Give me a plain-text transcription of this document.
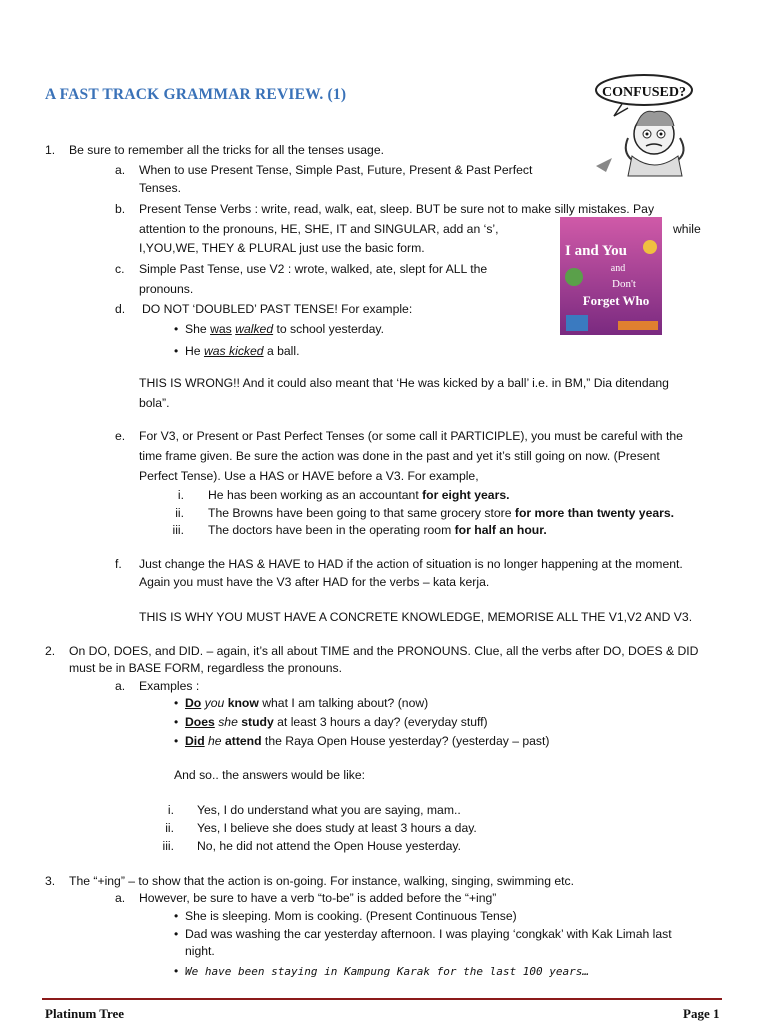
A FAST TRACK GRAMMAR REVIEW. (1)	CONFUSED?
I and You
and
Don't
Forget Who
1. Be sure to remember all the tricks for all the tenses usage.
a. When to use Present Tense, Simple Past, Future, Present & Past Perfect
Tenses.
b. Present Tense Verbs : write, read, walk, eat, sleep. BUT be sure not to make silly mistakes. Pay
attention to the pronouns, HE, SHE, IT and SINGULAR, add an ‘s’,	while
I,YOU,WE, THEY & PLURAL just use the basic form.
c. Simple Past Tense, use V2 : wrote, walked, ate, slept for ALL the
pronouns.
d. DO NOT ‘DOUBLED’ PAST TENSE! For example:
• She was walked to school yesterday.
• He was kicked a ball.
THIS IS WRONG!! And it could also meant that ‘He was kicked by a ball’ i.e. in BM,” Dia ditendang
bola”.
e. For V3, or Present or Past Perfect Tenses (or some call it PARTICIPLE), you must be careful with the
time frame given. Be sure the action was done in the past and yet it’s still going on now. (Present
Perfect Tense). Use a HAS or HAVE before a V3. For example,
i. He has been working as an accountant for eight years.
ii. The Browns have been going to that same grocery store for more than twenty years.
iii. The doctors have been in the operating room for half an hour.
f. Just change the HAS & HAVE to HAD if the action of situation is no longer happening at the moment.
Again you must have the V3 after HAD for the verbs – kata kerja.
THIS IS WHY YOU MUST HAVE A CONCRETE KNOWLEDGE, MEMORISE ALL THE V1,V2 AND V3.
2. On DO, DOES, and DID. – again, it’s all about TIME and the PRONOUNS. Clue, all the verbs after DO, DOES & DID
must be in BASE FORM, regardless the pronouns.
a. Examples :
• Do you know what I am talking about? (now)
• Does she study at least 3 hours a day? (everyday stuff)
• Did he attend the Raya Open House yesterday? (yesterday – past)
And so.. the answers would be like:
i. Yes, I do understand what you are saying, mam..
ii. Yes, I believe she does study at least 3 hours a day.
iii. No, he did not attend the Open House yesterday.
3. The “+ing” – to show that the action is on-going. For instance, walking, singing, swimming etc.
a. However, be sure to have a verb “to-be” is added before the “+ing”
• She is sleeping. Mom is cooking. (Present Continuous Tense)
• Dad was washing the car yesterday afternoon. I was playing ‘congkak’ with Kak Limah last
night.
• We have been staying in Kampung Karak for the last 100 years…
Platinum Tree	Page 1
